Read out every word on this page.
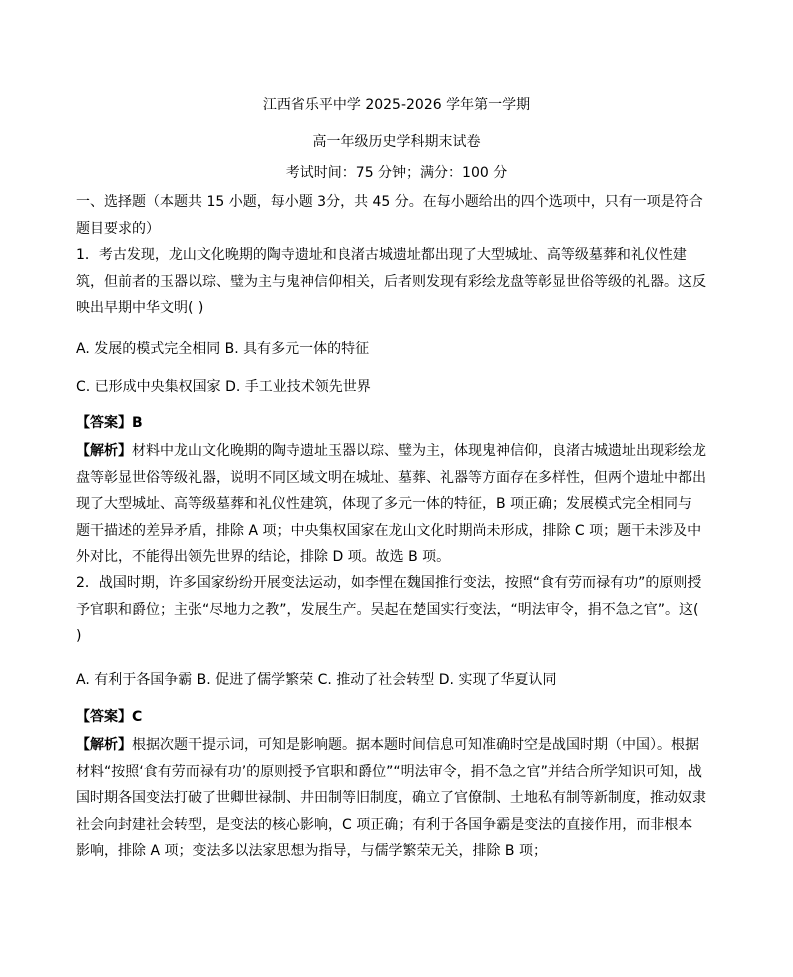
江西省乐平中学 2025-2026 学年第一学期
高一年级历史学科期末试卷
考试时间：75 分钟；满分：100 分
一、选择题（本题共 15 小题，每小题 3分，共 45 分。在每小题给出的四个选项中，只有一项是符合题目要求的）
1．考古发现，龙山文化晚期的陶寺遗址和良渚古城遗址都出现了大型城址、高等级墓葬和礼仪性建筑，但前者的玉器以琮、璧为主与鬼神信仰相关，后者则发现有彩绘龙盘等彰显世俗等级的礼器。这反映出早期中华文明( )
A. 发展的模式完全相同 B. 具有多元一体的特征
C. 已形成中央集权国家 D. 手工业技术领先世界
【答案】B
【解析】材料中龙山文化晚期的陶寺遗址玉器以琮、璧为主，体现鬼神信仰，良渚古城遗址出现彩绘龙盘等彰显世俗等级礼器，说明不同区域文明在城址、墓葬、礼器等方面存在多样性，但两个遗址中都出现了大型城址、高等级墓葬和礼仪性建筑，体现了多元一体的特征，B 项正确；发展模式完全相同与题干描述的差异矛盾，排除 A 项；中央集权国家在龙山文化时期尚未形成，排除 C 项；题干未涉及中外对比，不能得出领先世界的结论，排除 D 项。故选 B 项。
2．战国时期，许多国家纷纷开展变法运动，如李悝在魏国推行变法，按照“食有劳而禄有功”的原则授予官职和爵位；主张“尽地力之教”，发展生产。吴起在楚国实行变法，“明法审令，捐不急之官”。这( )
A. 有利于各国争霸 B. 促进了儒学繁荣 C. 推动了社会转型 D. 实现了华夏认同
【答案】C
【解析】根据次题干提示词，可知是影响题。据本题时间信息可知准确时空是战国时期（中国）。根据材料“按照‘食有劳而禄有功’的原则授予官职和爵位”“明法审令，捐不急之官”并结合所学知识可知，战国时期各国变法打破了世卿世禄制、井田制等旧制度，确立了官僚制、土地私有制等新制度，推动奴隶社会向封建社会转型，是变法的核心影响，C 项正确；有利于各国争霸是变法的直接作用，而非根本影响，排除 A 项；变法多以法家思想为指导，与儒学繁荣无关，排除 B 项；
